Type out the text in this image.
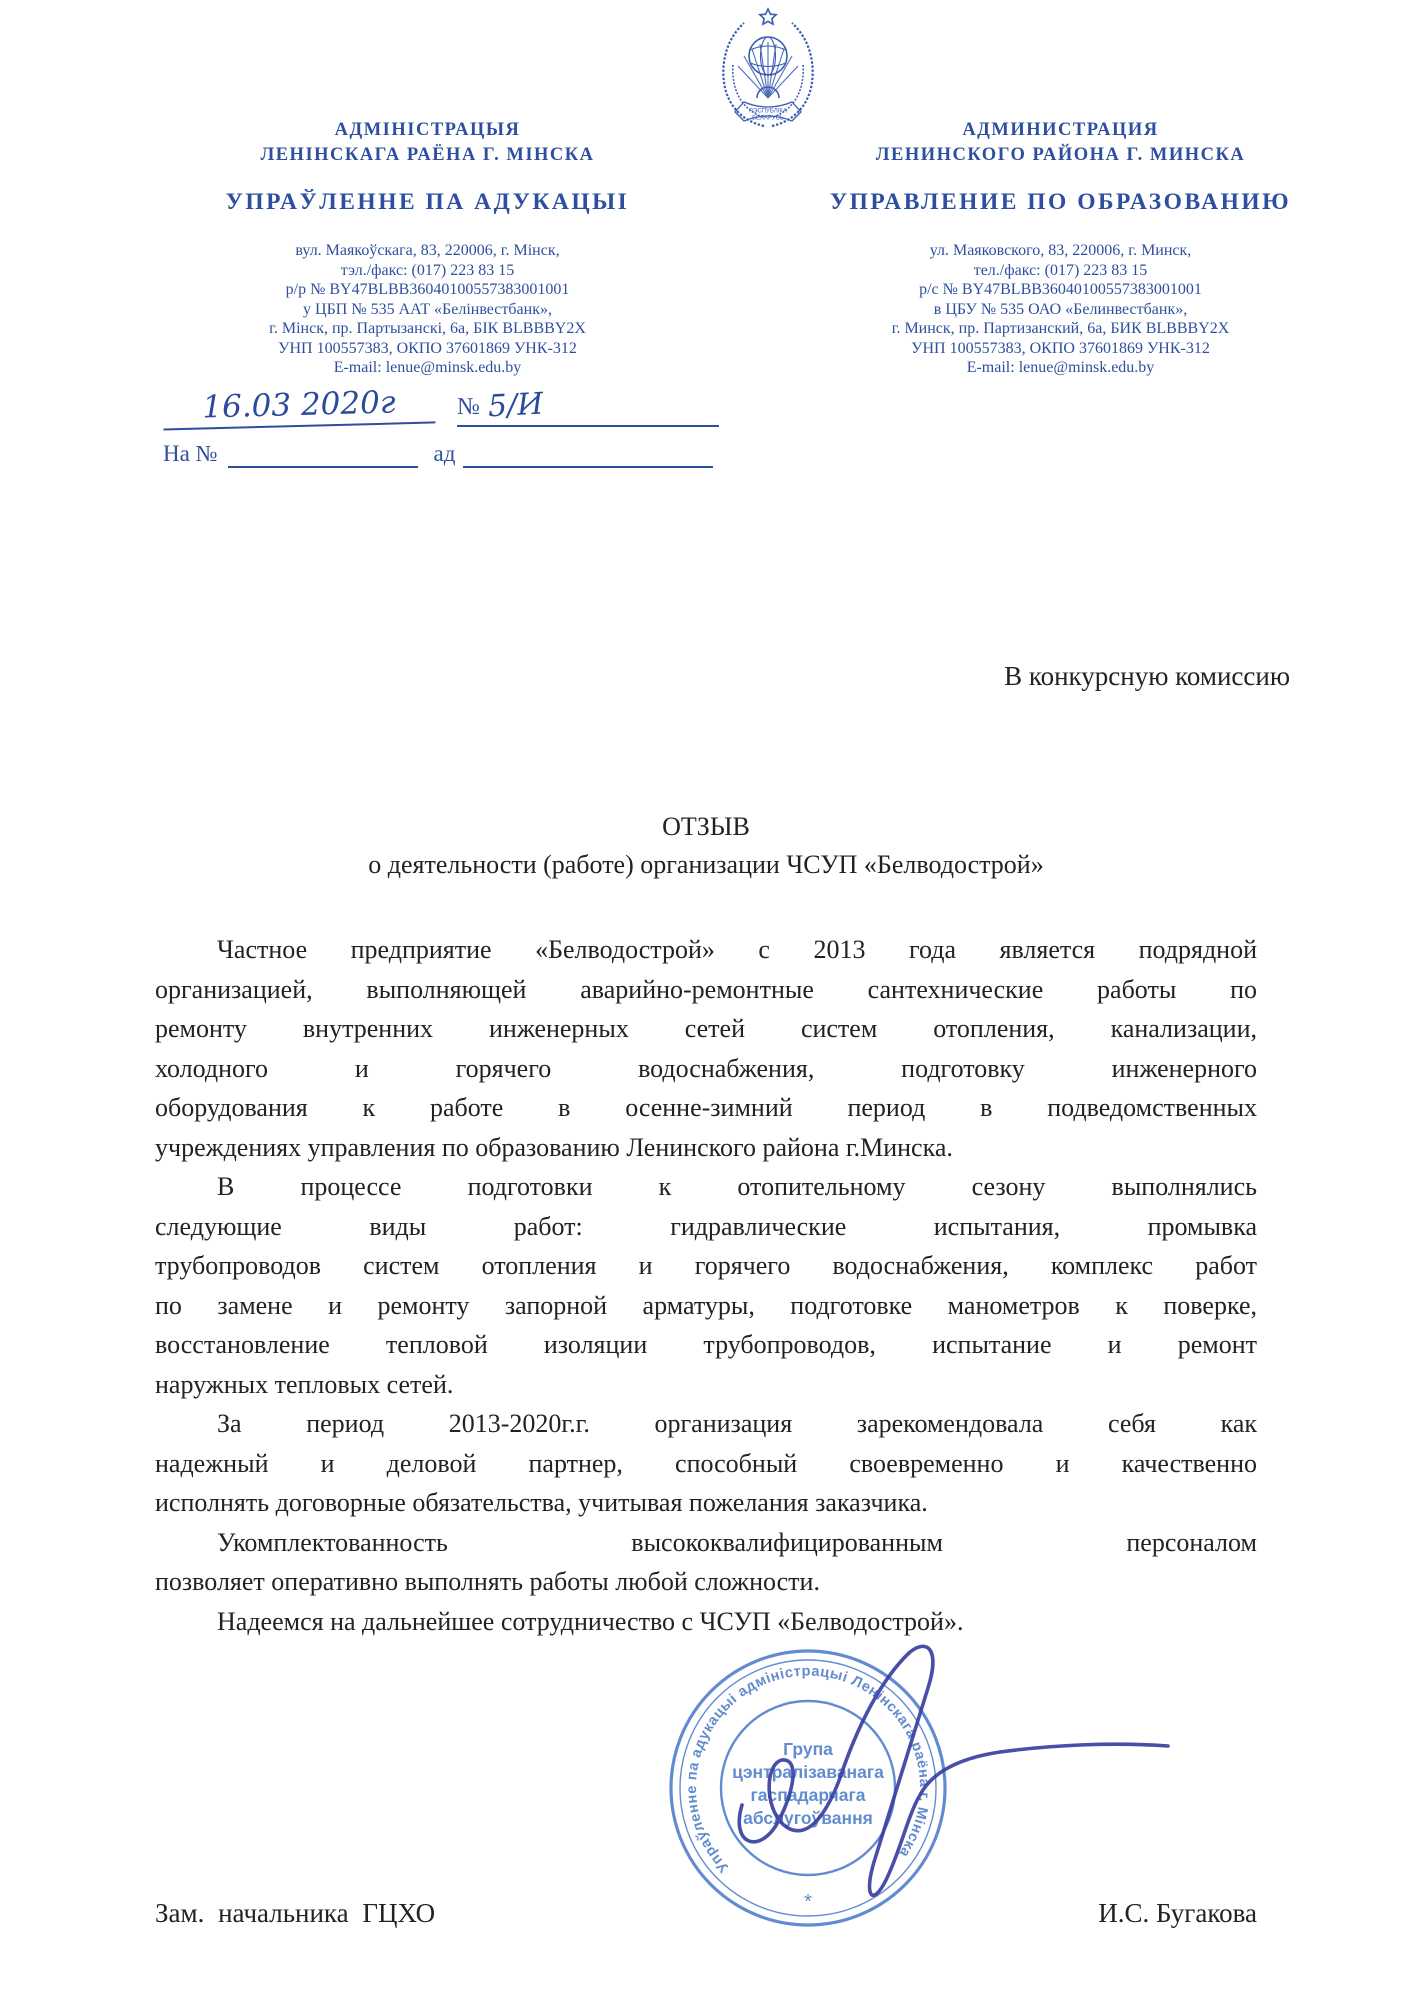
РЭСПУБЛІКА
БЕЛАРУСЬ
АДМІНІСТРАЦЫЯ
ЛЕНІНСКАГА РАЁНА Г. МІНСКА
УПРАЎЛЕННЕ ПА АДУКАЦЫІ
вул. Маякоўскага, 83, 220006, г. Мінск,
тэл./факс: (017) 223 83 15
р/р № BY47BLBB36040100557383001001
у ЦБП № 535 ААТ «Белінвестбанк»,
г. Мінск, пр. Партызанскі, 6а, БІК BLBBBY2X
УНП 100557383, ОКПО 37601869 УНК-312
E-mail: lenue@minsk.edu.by
АДМИНИСТРАЦИЯ
ЛЕНИНСКОГО РАЙОНА Г. МИНСКА
УПРАВЛЕНИЕ ПО ОБРАЗОВАНИЮ
ул. Маяковского, 83, 220006, г. Минск,
тел./факс: (017) 223 83 15
р/с № BY47BLBB36040100557383001001
в ЦБУ № 535 ОАО «Белинвестбанк»,
г. Минск, пр. Партизанский, 6а, БИК BLBBBY2X
УНП 100557383, ОКПО 37601869 УНК-312
E-mail: lenue@minsk.edu.by
16.03 2020г	№ 5/И
На №	ад
В конкурсную комиссию
ОТЗЫВ
о деятельности (работе) организации ЧСУП «Белводострой»
Частное предприятие «Белводострой» с 2013 года является подрядной
организацией, выполняющей аварийно-ремонтные сантехнические работы по
ремонту внутренних инженерных сетей систем отопления, канализации,
холодного и горячего водоснабжения, подготовку инженерного
оборудования к работе в осенне-зимний период в подведомственных
учреждениях управления по образованию Ленинского района г.Минска.
В процессе подготовки к отопительному сезону выполнялись
следующие виды работ: гидравлические испытания, промывка
трубопроводов систем отопления и горячего водоснабжения, комплекс работ
по замене и ремонту запорной арматуры, подготовке манометров к поверке,
восстановление тепловой изоляции трубопроводов, испытание и ремонт
наружных тепловых сетей.
За период 2013-2020г.г. организация зарекомендовала себя как
надежный и деловой партнер, способный своевременно и качественно
исполнять договорные обязательства, учитывая пожелания заказчика.
Укомплектованность высококвалифицированным персоналом
позволяет оперативно выполнять работы любой сложности.
Надеемся на дальнейшее сотрудничество с ЧСУП «Белводострой».
Упраўленне па адукацыі адміністрацыі Ленінскага раёна г. Мінска
*
Група
цэнтралізаванага
гаспадарчага
абслугоўвання
Зам. начальника ГЦХО	И.С. Бугакова
